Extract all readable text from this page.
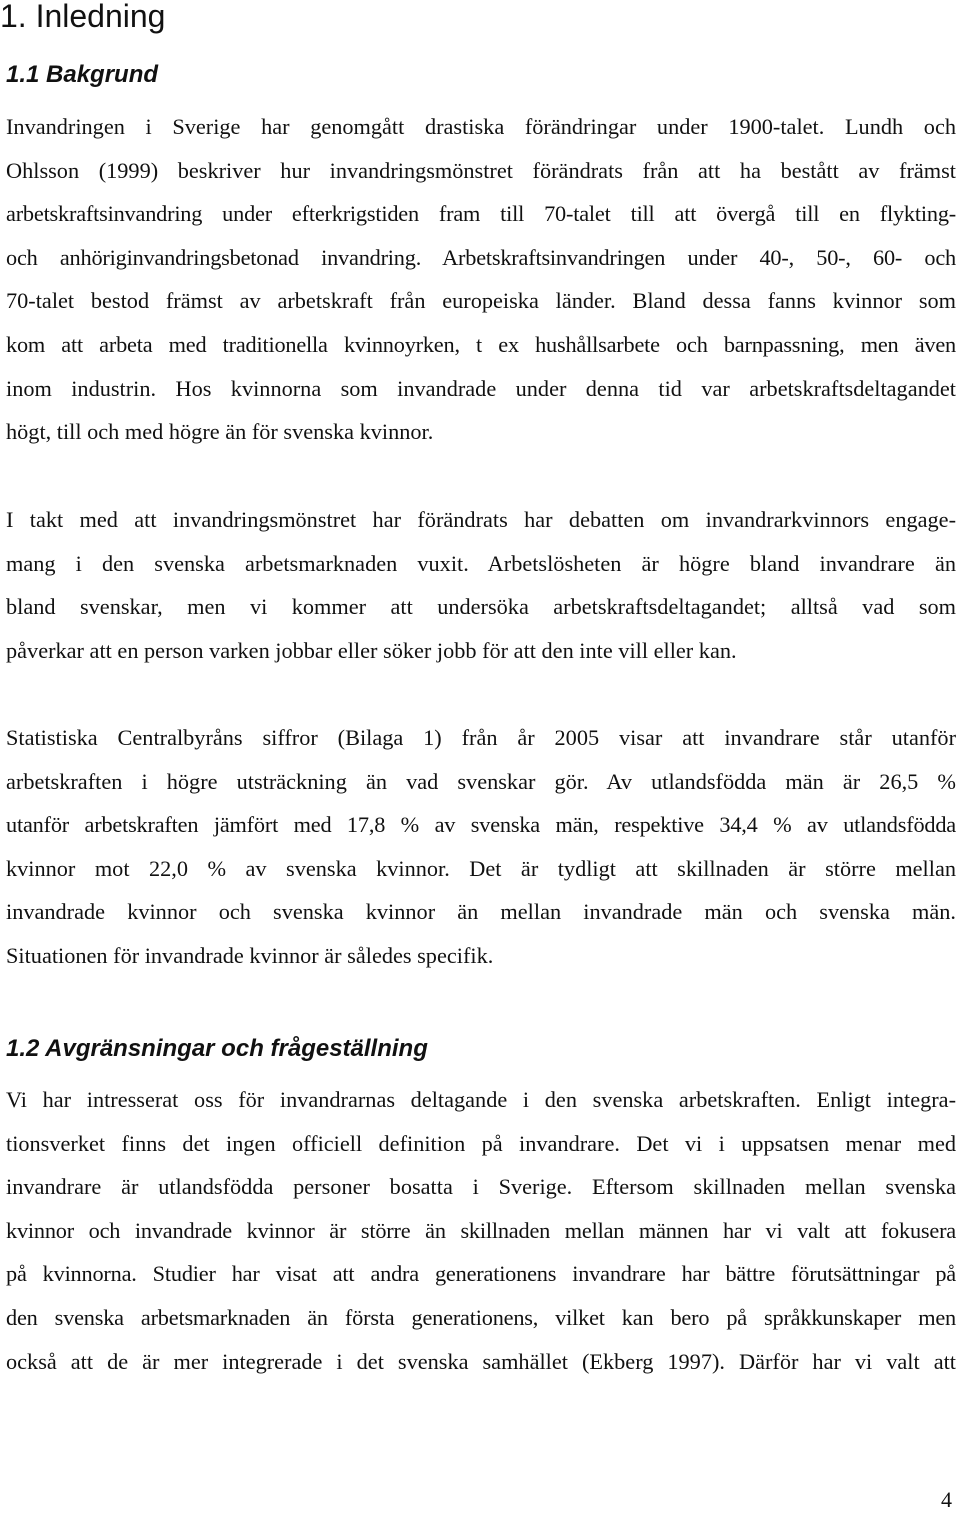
1. Inledning
1.1 Bakgrund

Invandringen i Sverige har genomgått drastiska förändringar under 1900-talet. Lundh och
Ohlsson (1999) beskriver hur invandringsmönstret förändrats från att ha bestått av främst
arbetskraftsinvandring under efterkrigstiden fram till 70-talet till att övergå till en flykting-
och anhöriginvandringsbetonad invandring. Arbetskraftsinvandringen under 40-, 50-, 60- och
70-talet bestod främst av arbetskraft från europeiska länder. Bland dessa fanns kvinnor som
kom att arbeta med traditionella kvinnoyrken, t ex hushållsarbete och barnpassning, men även
inom industrin. Hos kvinnorna som invandrade under denna tid var arbetskraftsdeltagandet
högt, till och med högre än för svenska kvinnor.

I takt med att invandringsmönstret har förändrats har debatten om invandrarkvinnors engage-
mang i den svenska arbetsmarknaden vuxit. Arbetslösheten är högre bland invandrare än
bland svenskar, men vi kommer att undersöka arbetskraftsdeltagandet; alltså vad som
påverkar att en person varken jobbar eller söker jobb för att den inte vill eller kan.

Statistiska Centralbyråns siffror (Bilaga 1) från år 2005 visar att invandrare står utanför
arbetskraften i högre utsträckning än vad svenskar gör. Av utlandsfödda män är 26,5 %
utanför arbetskraften jämfört med 17,8 % av svenska män, respektive 34,4 % av utlandsfödda
kvinnor mot 22,0 % av svenska kvinnor. Det är tydligt att skillnaden är större mellan
invandrade kvinnor och svenska kvinnor än mellan invandrade män och svenska män.
Situationen för invandrade kvinnor är således specifik.

1.2 Avgränsningar och frågeställning

Vi har intresserat oss för invandrarnas deltagande i den svenska arbetskraften. Enligt integra-
tionsverket finns det ingen officiell definition på invandrare. Det vi i uppsatsen menar med
invandrare är utlandsfödda personer bosatta i Sverige. Eftersom skillnaden mellan svenska
kvinnor och invandrade kvinnor är större än skillnaden mellan männen har vi valt att fokusera
på kvinnorna. Studier har visat att andra generationens invandrare har bättre förutsättningar på
den svenska arbetsmarknaden än första generationens, vilket kan bero på språkkunskaper men
också att de är mer integrerade i det svenska samhället (Ekberg 1997). Därför har vi valt att

4
